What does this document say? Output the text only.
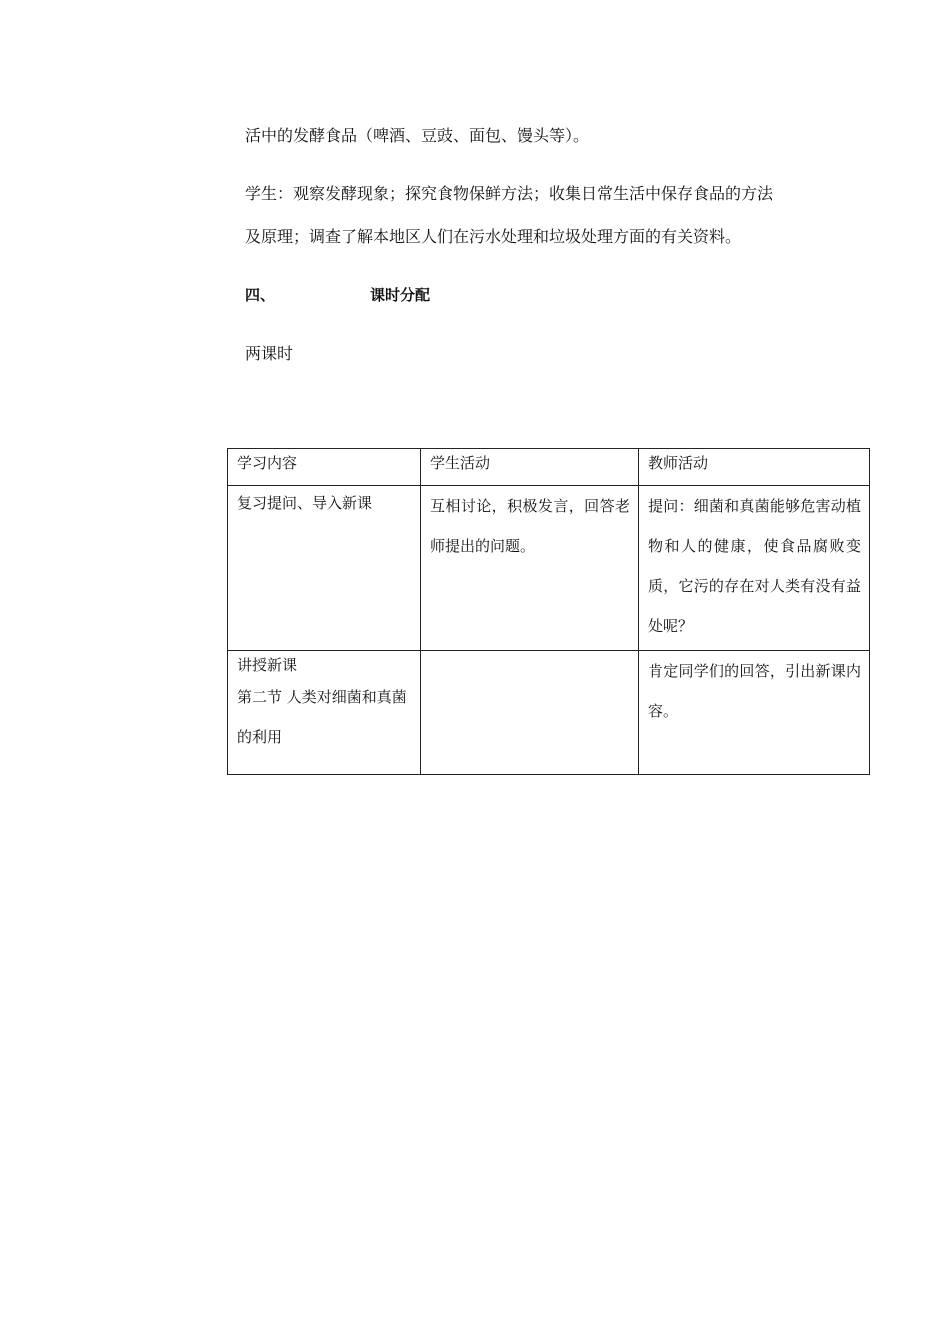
活中的发酵食品（啤酒、豆豉、面包、馒头等）。
学生：观察发酵现象；探究食物保鲜方法；收集日常生活中保存食品的方法
及原理；调查了解本地区人们在污水处理和垃圾处理方面的有关资料。
四、	课时分配
两课时
学习内容	学生活动	教师活动
复习提问、导入新课	互相讨论，积极发言，回答老师提出的问题。	提问：细菌和真菌能够危害动植物和人的健康，使食品腐败变质，它污的存在对人类有没有益处呢？

讲授新课
第二节 人类对细菌和真菌的利用		肯定同学们的回答，引出新课内容。
